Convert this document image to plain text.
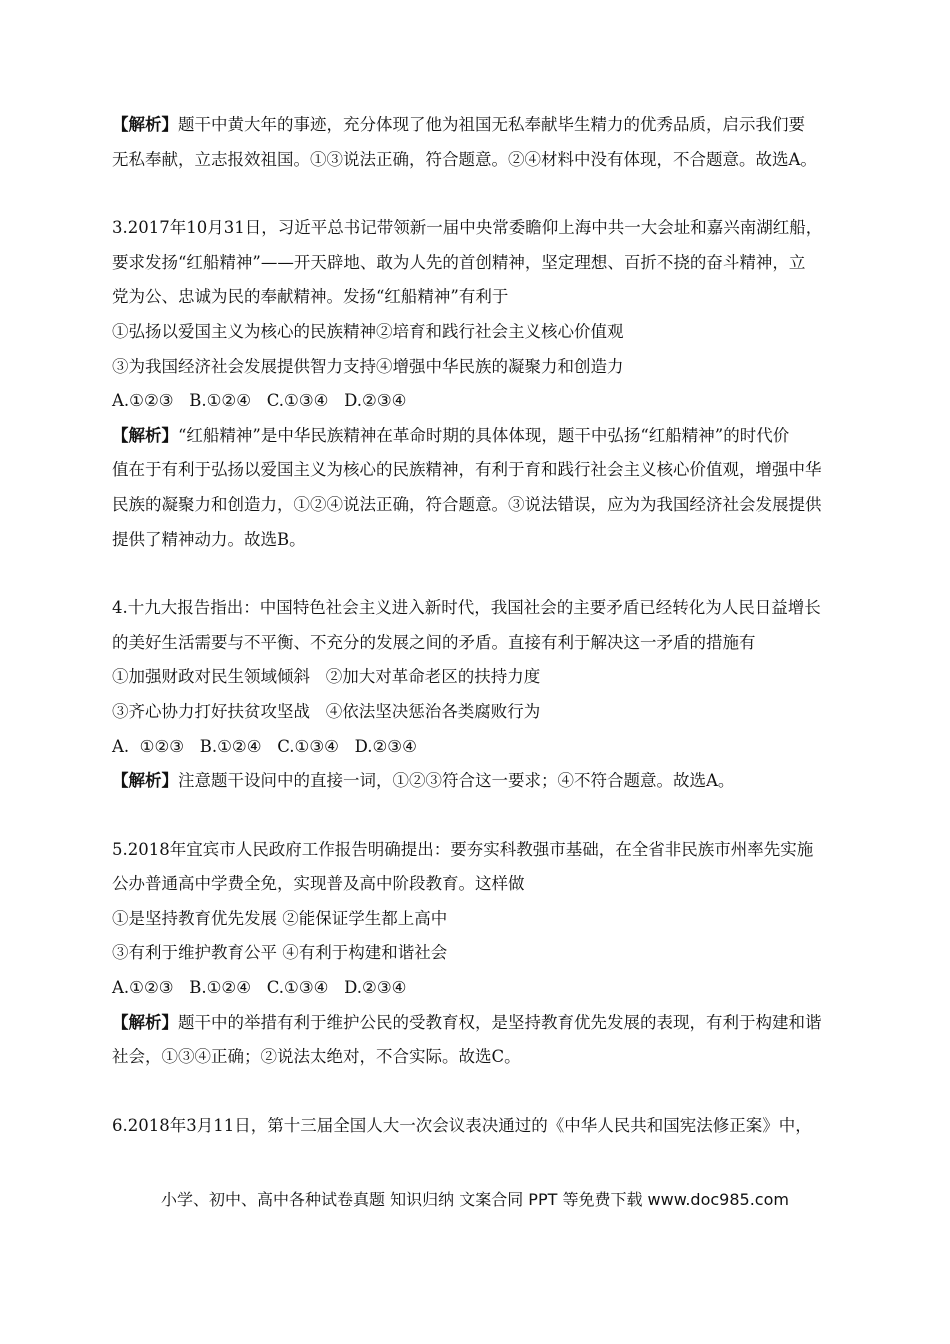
【解析】题干中黄大年的事迹，充分体现了他为祖国无私奉献毕生精力的优秀品质，启示我们要
无私奉献，立志报效祖国。①③说法正确，符合题意。②④材料中没有体现，不合题意。故选A。
3.2017年10月31日，习近平总书记带领新一届中央常委瞻仰上海中共一大会址和嘉兴南湖红船，
要求发扬“红船精神”——开天辟地、敢为人先的首创精神，坚定理想、百折不挠的奋斗精神，立
党为公、忠诚为民的奉献精神。发扬“红船精神”有利于
①弘扬以爱国主义为核心的民族精神②培育和践行社会主义核心价值观
③为我国经济社会发展提供智力支持④增强中华民族的凝聚力和创造力
A.①②③   B.①②④   C.①③④   D.②③④
【解析】“红船精神”是中华民族精神在革命时期的具体体现，题干中弘扬“红船精神”的时代价
值在于有利于弘扬以爱国主义为核心的民族精神，有利于育和践行社会主义核心价值观，增强中华
民族的凝聚力和创造力，①②④说法正确，符合题意。③说法错误，应为为我国经济社会发展提供
提供了精神动力。故选B。
4.十九大报告指出：中国特色社会主义进入新时代，我国社会的主要矛盾已经转化为人民日益增长
的美好生活需要与不平衡、不充分的发展之间的矛盾。直接有利于解决这一矛盾的措施有
①加强财政对民生领域倾斜   ②加大对革命老区的扶持力度
③齐心协力打好扶贫攻坚战   ④依法坚决惩治各类腐败行为
A.  ①②③   B.①②④   C.①③④   D.②③④
【解析】注意题干设问中的直接一词，①②③符合这一要求；④不符合题意。故选A。
5.2018年宜宾市人民政府工作报告明确提出：要夯实科教强市基础，在全省非民族市州率先实施
公办普通高中学费全免，实现普及高中阶段教育。这样做
①是坚持教育优先发展 ②能保证学生都上高中
③有利于维护教育公平 ④有利于构建和谐社会
A.①②③   B.①②④   C.①③④   D.②③④
【解析】题干中的举措有利于维护公民的受教育权，是坚持教育优先发展的表现，有利于构建和谐
社会，①③④正确；②说法太绝对，不合实际。故选C。
6.2018年3月11日，第十三届全国人大一次会议表决通过的《中华人民共和国宪法修正案》中，
小学、初中、高中各种试卷真题 知识归纳 文案合同 PPT 等免费下载 www.doc985.com
